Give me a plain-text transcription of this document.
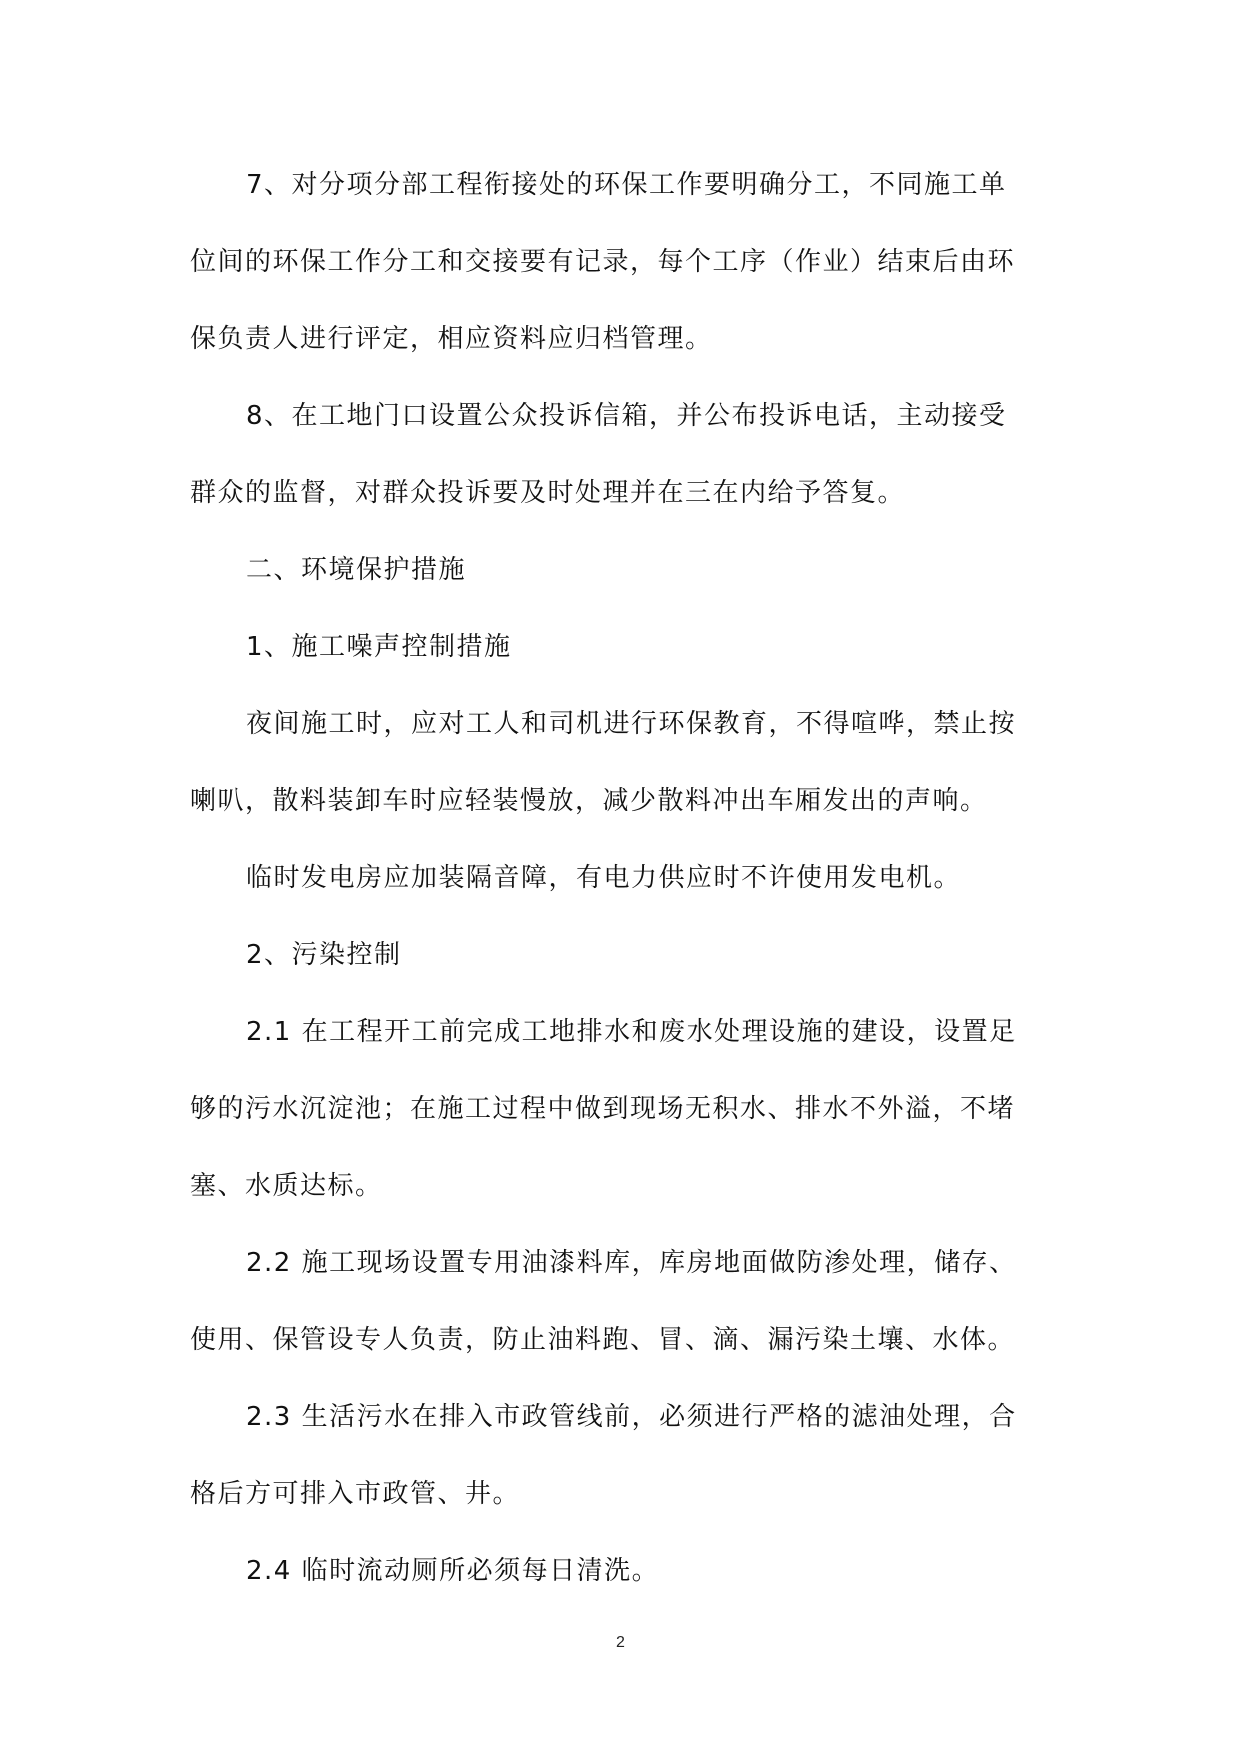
7、对分项分部工程衔接处的环保工作要明确分工，不同施工单
位间的环保工作分工和交接要有记录，每个工序（作业）结束后由环
保负责人进行评定，相应资料应归档管理。

8、在工地门口设置公众投诉信箱，并公布投诉电话，主动接受
群众的监督，对群众投诉要及时处理并在三在内给予答复。

二、环境保护措施

1、施工噪声控制措施

夜间施工时，应对工人和司机进行环保教育，不得喧哗，禁止按
喇叭，散料装卸车时应轻装慢放，减少散料冲出车厢发出的声响。

临时发电房应加装隔音障，有电力供应时不许使用发电机。

2、污染控制

2.1 在工程开工前完成工地排水和废水处理设施的建设，设置足
够的污水沉淀池；在施工过程中做到现场无积水、排水不外溢，不堵
塞、水质达标。

2.2 施工现场设置专用油漆料库，库房地面做防渗处理，储存、
使用、保管设专人负责，防止油料跑、冒、滴、漏污染土壤、水体。

2.3 生活污水在排入市政管线前，必须进行严格的滤油处理，合
格后方可排入市政管、井。

2.4 临时流动厕所必须每日清洗。

2
